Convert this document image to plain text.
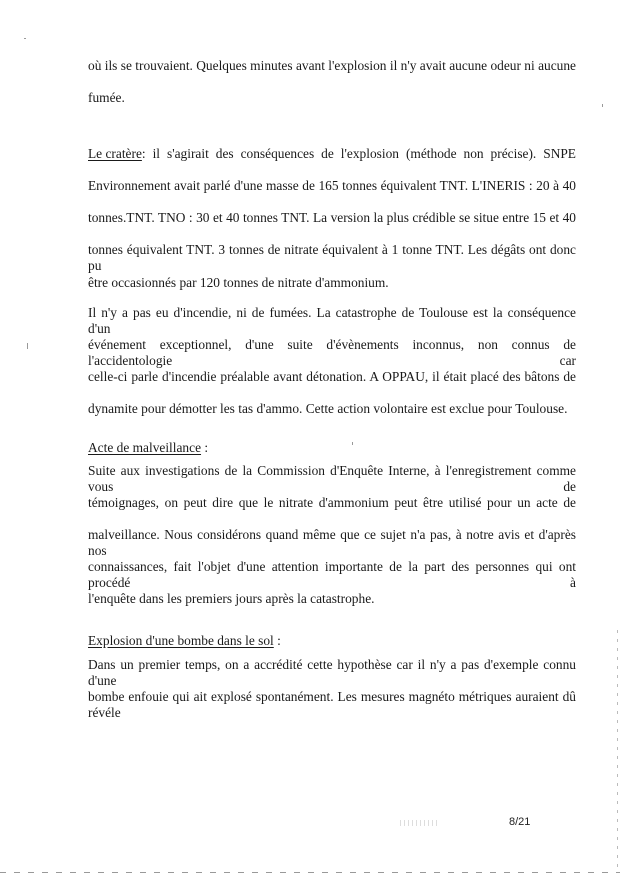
où ils se trouvaient. Quelques minutes avant l'explosion il n'y avait aucune odeur ni aucune
fumée.
Le cratère : il s'agirait des conséquences de l'explosion (méthode non précise). SNPE
Environnement avait parlé d'une masse de 165 tonnes équivalent TNT. L'INERIS : 20 à 40
tonnes.TNT. TNO : 30 et 40 tonnes TNT. La version la plus crédible se situe entre 15 et 40
tonnes équivalent TNT. 3 tonnes de nitrate équivalent à 1 tonne TNT. Les dégâts ont donc pu
être occasionnés par 120 tonnes de nitrate d'ammonium.
Il n'y a pas eu d'incendie, ni de fumées. La catastrophe de Toulouse est la conséquence d'un
événement exceptionnel, d'une suite d'évènements inconnus, non connus de l'accidentologie car
celle-ci parle d'incendie préalable avant détonation. A OPPAU, il était placé des bâtons de
dynamite pour démotter les tas d'ammo. Cette action volontaire est exclue pour Toulouse.
Acte de malveillance :
Suite aux investigations de la Commission d'Enquête Interne, à l'enregistrement comme vous de
témoignages, on peut dire que le nitrate d'ammonium peut être utilisé pour un acte de
malveillance. Nous considérons quand même que ce sujet n'a pas, à notre avis et d'après nos
connaissances, fait l'objet d'une attention importante de la part des personnes qui ont procédé à
l'enquête dans les premiers jours après la catastrophe.
Explosion d'une bombe dans le sol :
Dans un premier temps, on a accrédité cette hypothèse car il n'y a pas d'exemple connu d'une
bombe enfouie qui ait explosé spontanément. Les mesures magnéto métriques auraient dû révéle
8/21
